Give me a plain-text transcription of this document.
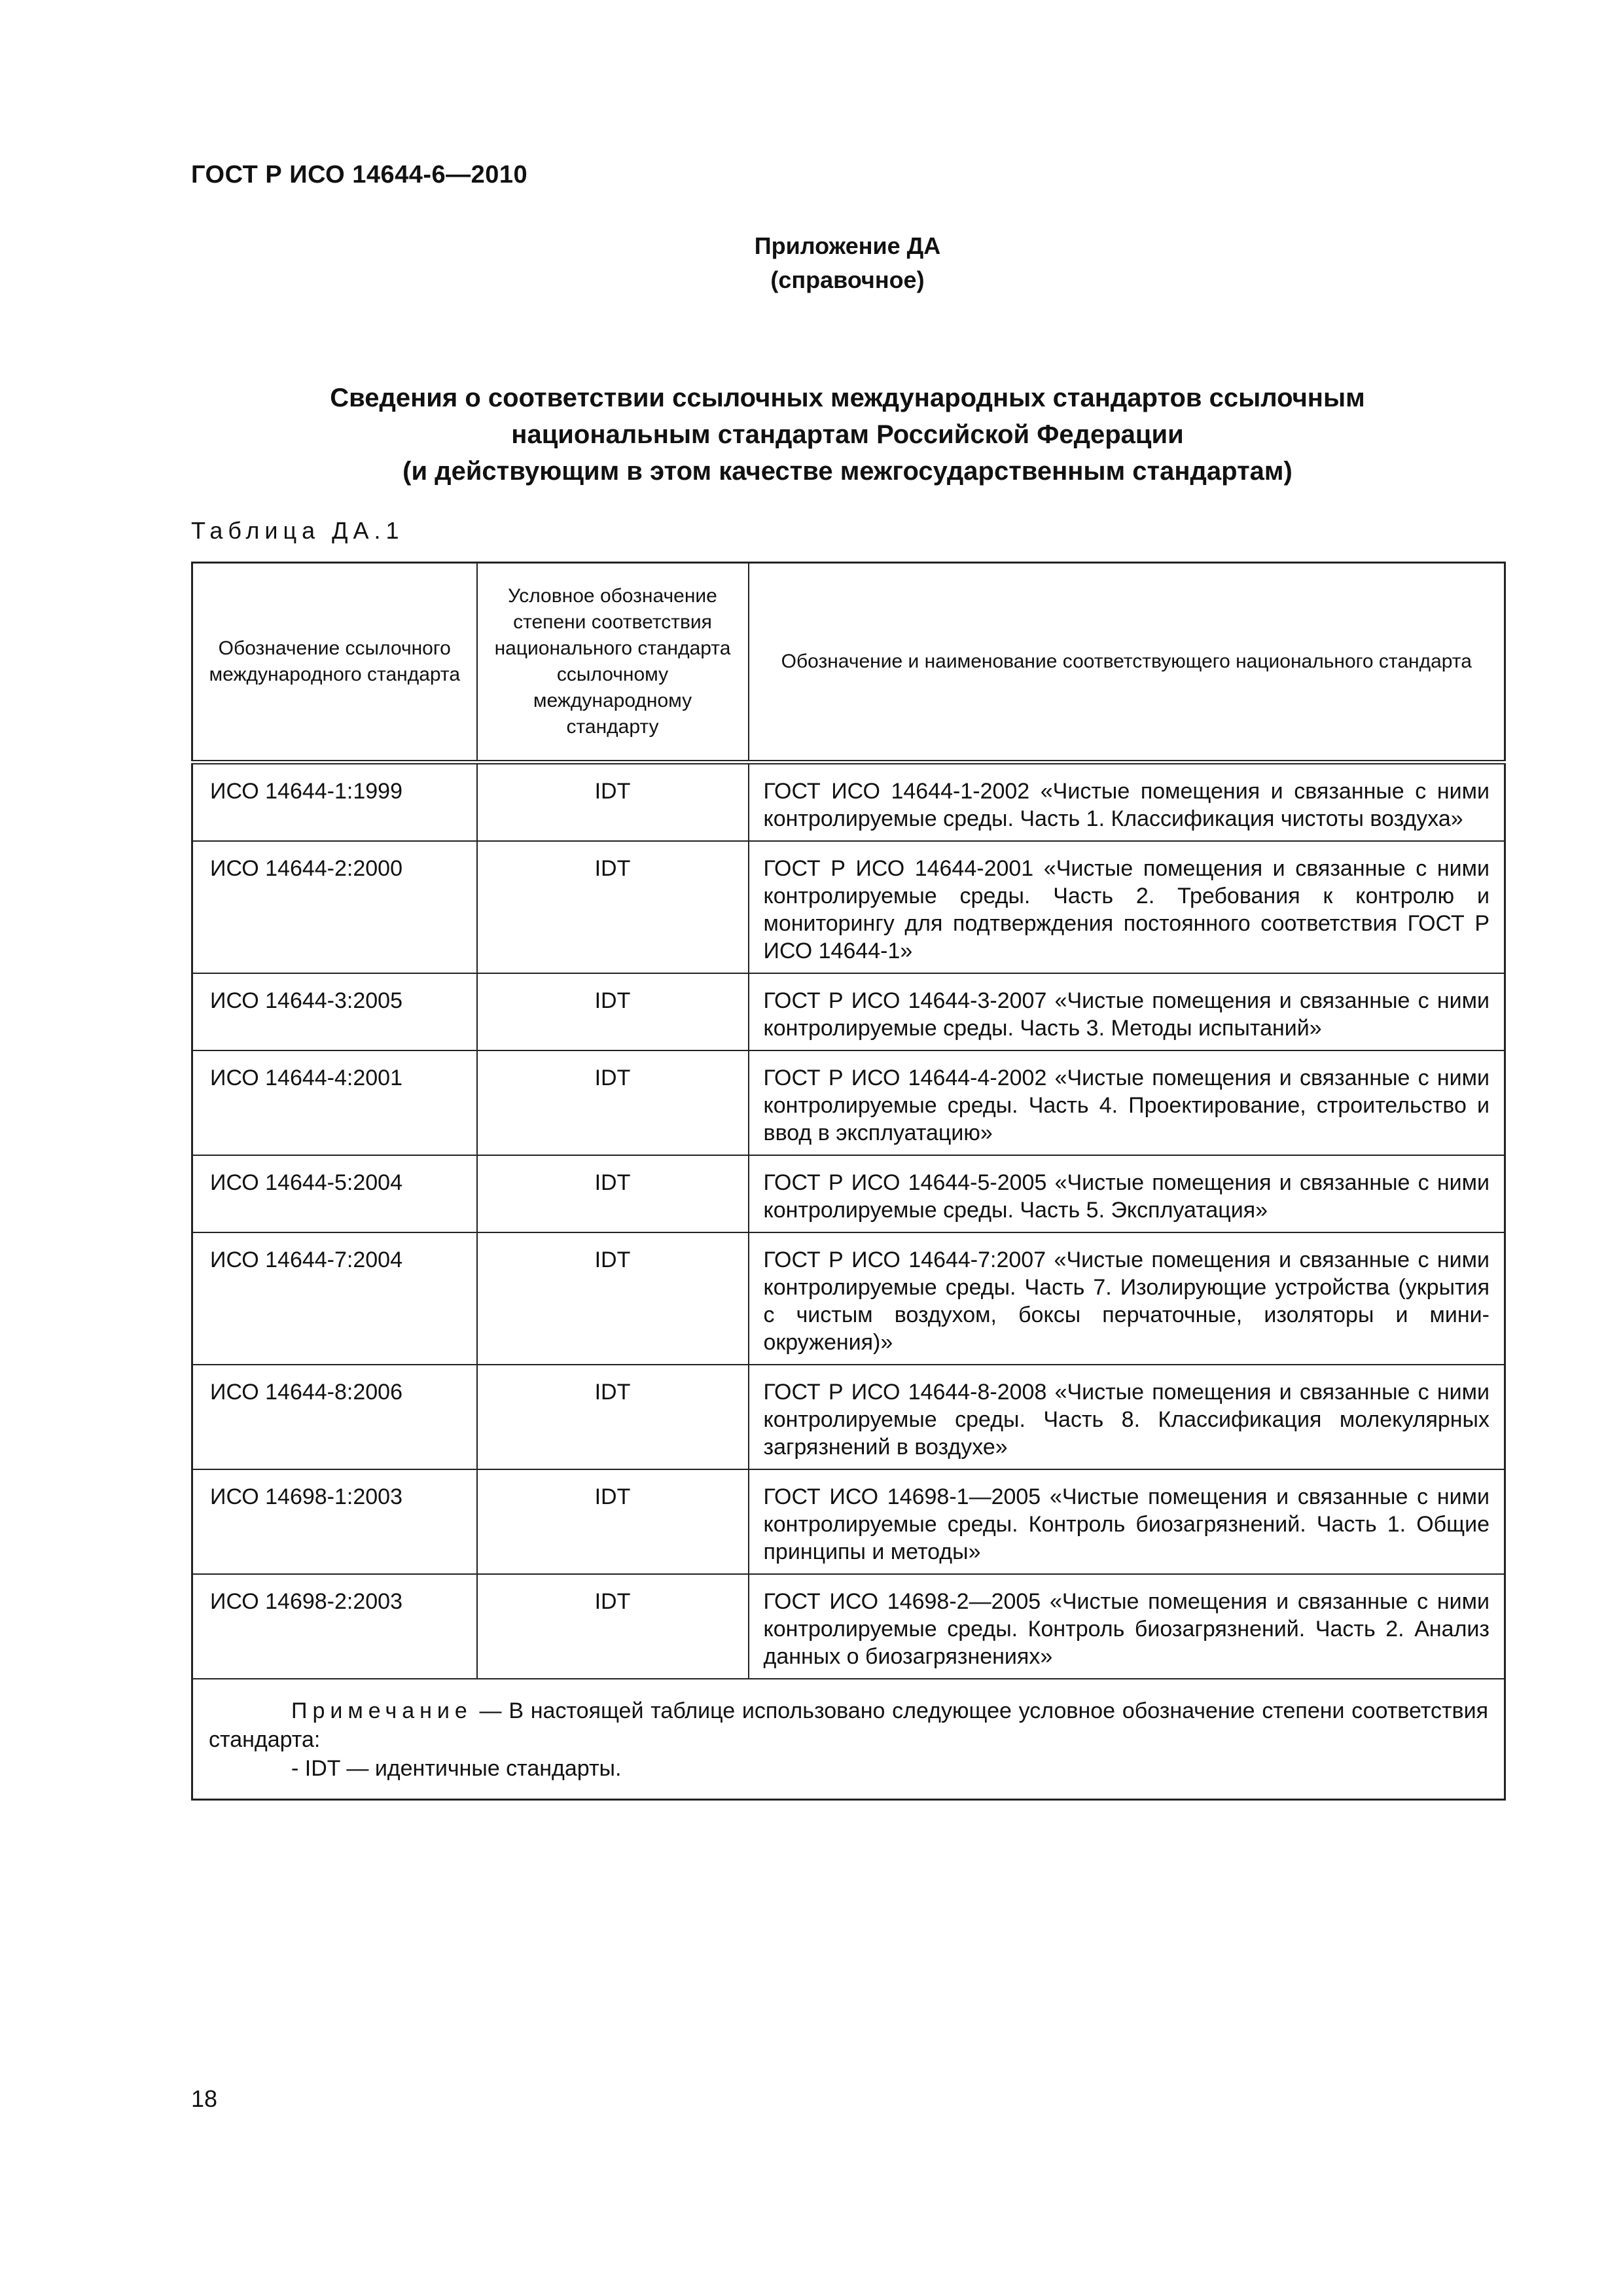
ГОСТ Р ИСО 14644-6—2010
Приложение ДА
(справочное)
Сведения о соответствии ссылочных международных стандартов ссылочным
национальным стандартам Российской Федерации
(и действующим в этом качестве межгосударственным стандартам)
Таблица ДА.1
Обозначение ссылочного международного стандарта	Условное обозначение степени соответствия национального стандарта ссылочному международному стандарту	Обозначение и наименование соответствующего национального стандарта
ИСО 14644-1:1999	IDT	ГОСТ ИСО 14644-1-2002 «Чистые помещения и связанные с ними контролируемые среды. Часть 1. Классификация чистоты воздуха»
ИСО 14644-2:2000	IDT	ГОСТ Р ИСО 14644-2001 «Чистые помещения и связанные с ними контролируемые среды. Часть 2. Требования к контролю и мониторингу для подтверждения постоянного соответствия ГОСТ Р ИСО 14644-1»
ИСО 14644-3:2005	IDT	ГОСТ Р ИСО 14644-3-2007 «Чистые помещения и связанные с ними контролируемые среды. Часть 3. Методы испытаний»
ИСО 14644-4:2001	IDT	ГОСТ Р ИСО 14644-4-2002 «Чистые помещения и связанные с ними контролируемые среды. Часть 4. Проектирование, строительство и ввод в эксплуатацию»
ИСО 14644-5:2004	IDT	ГОСТ Р ИСО 14644-5-2005 «Чистые помещения и связанные с ними контролируемые среды. Часть 5. Эксплуатация»
ИСО 14644-7:2004	IDT	ГОСТ Р ИСО 14644-7:2007 «Чистые помещения и связанные с ними контролируемые среды. Часть 7. Изолирующие устройства (укрытия с чистым воздухом, боксы перчаточные, изоляторы и мини-окружения)»
ИСО 14644-8:2006	IDT	ГОСТ Р ИСО 14644-8-2008 «Чистые помещения и связанные с ними контролируемые среды. Часть 8. Классификация молекулярных загрязнений в воздухе»
ИСО 14698-1:2003	IDT	ГОСТ ИСО 14698-1—2005 «Чистые помещения и связанные с ними контролируемые среды. Контроль биозагрязнений. Часть 1. Общие принципы и методы»
ИСО 14698-2:2003	IDT	ГОСТ ИСО 14698-2—2005 «Чистые помещения и связанные с ними контролируемые среды. Контроль биозагрязнений. Часть 2. Анализ данных о биозагрязнениях»

Примечание — В настоящей таблице использовано следующее условное обозначение степени соответствия стандарта:
- IDT — идентичные стандарты.		
18
